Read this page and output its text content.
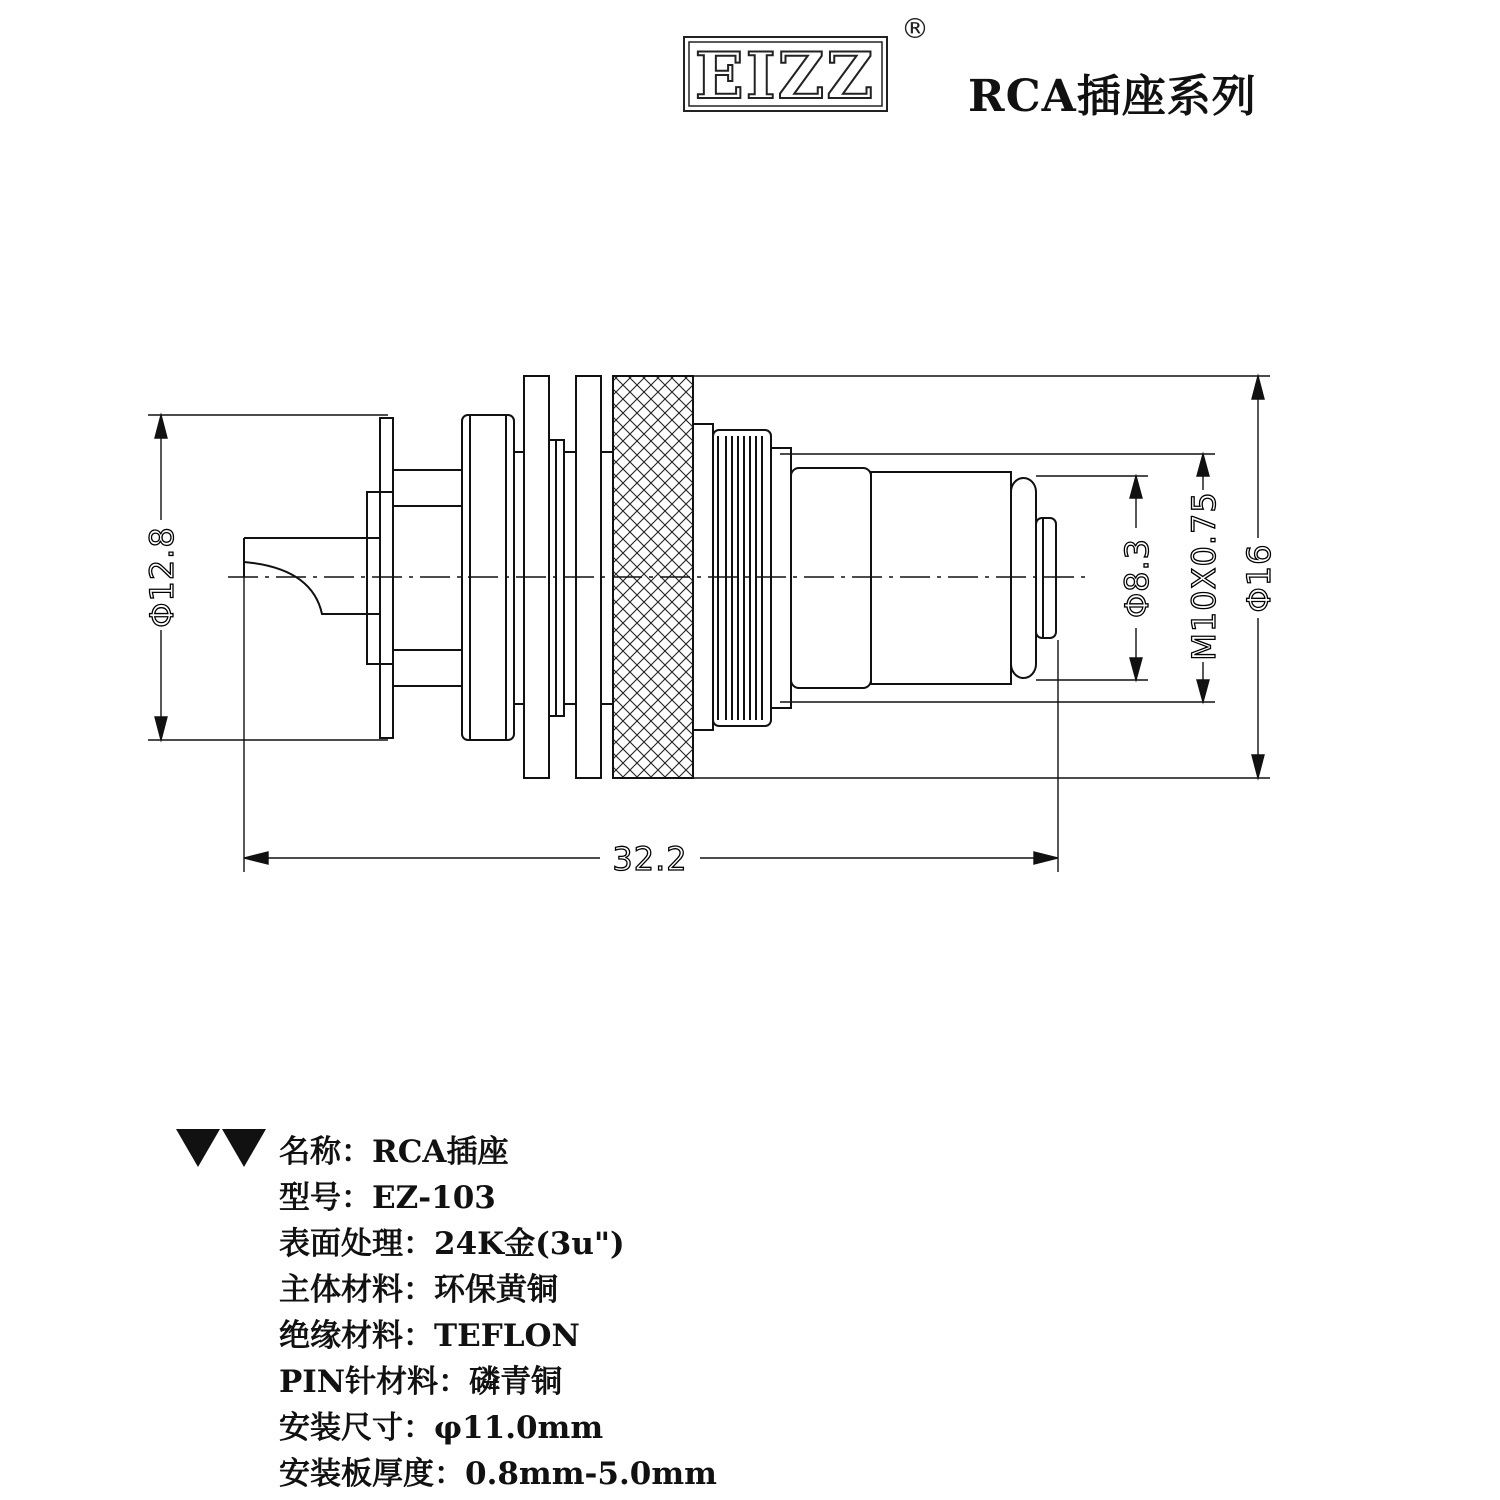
EIZZ
®
RCA插座系列
32.2
Φ12.8	Φ8.3 M10X0.75 Φ16
名称：RCA插座
型号：EZ-103
表面处理：24K金(3u")
主体材料：环保黄铜
绝缘材料：TEFLON
PIN针材料：磷青铜
安装尺寸：φ11.0mm
安装板厚度：0.8mm-5.0mm
